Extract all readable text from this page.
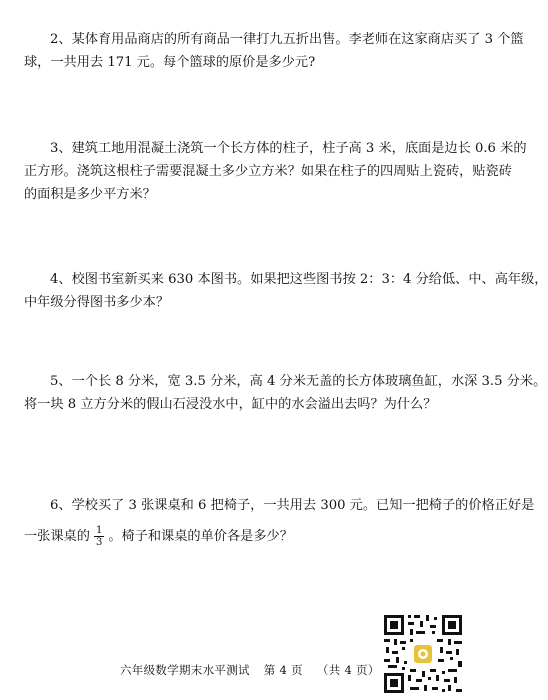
2、某体育用品商店的所有商品一律打九五折出售。李老师在这家商店买了 3 个篮
球，一共用去 171 元。每个篮球的原价是多少元?
3、建筑工地用混凝土浇筑一个长方体的柱子，柱子高 3 米，底面是边长 0.6 米的
正方形。浇筑这根柱子需要混凝土多少立方米？如果在柱子的四周贴上瓷砖，贴瓷砖
的面积是多少平方米？
4、校图书室新买来 630 本图书。如果把这些图书按 2：3：4 分给低、中、高年级，
中年级分得图书多少本？
5、一个长 8 分米，宽 3.5 分米，高 4 分米无盖的长方体玻璃鱼缸，水深 3.5 分米。
将一块 8 立方分米的假山石浸没水中，缸中的水会溢出去吗？为什么？
6、学校买了 3 张课桌和 6 把椅子，一共用去 300 元。已知一把椅子的价格正好是
一张课桌的 $\frac{1}{3}$ 。椅子和课桌的单价各是多少？
六年级数学期末水平测试 第 4 页 （共 4 页）
